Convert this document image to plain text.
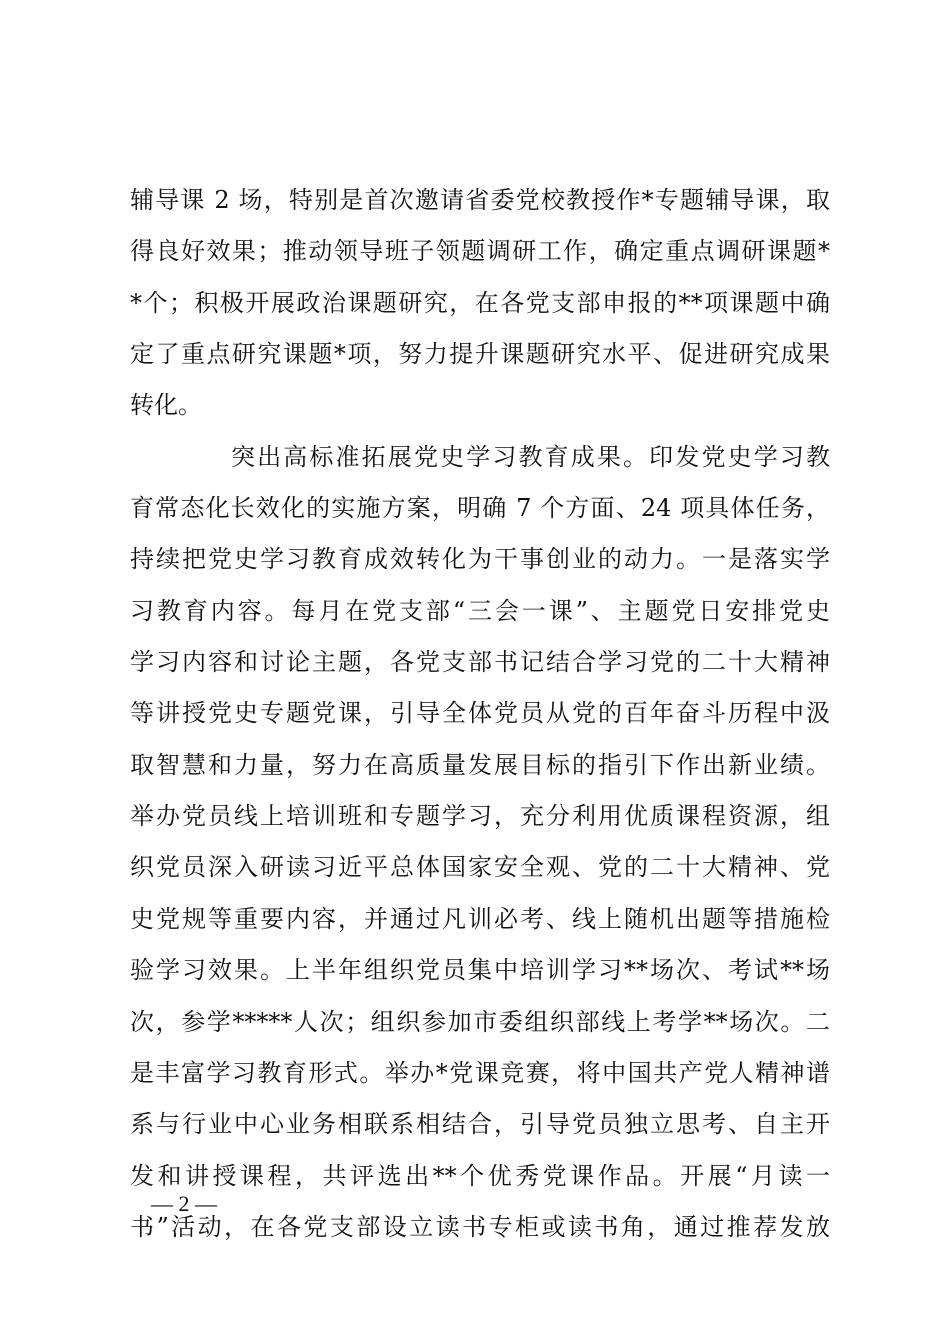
辅导课 2 场，特别是首次邀请省委党校教授作*专题辅导课，取
得良好效果；推动领导班子领题调研工作，确定重点调研课题*
*个；积极开展政治课题研究，在各党支部申报的**项课题中确
定了重点研究课题*项，努力提升课题研究水平、促进研究成果
转化。
突出高标准拓展党史学习教育成果。印发党史学习教
育常态化长效化的实施方案，明确 7 个方面、24 项具体任务，
持续把党史学习教育成效转化为干事创业的动力。一是落实学
习教育内容。每月在党支部“三会一课”、主题党日安排党史
学习内容和讨论主题，各党支部书记结合学习党的二十大精神
等讲授党史专题党课，引导全体党员从党的百年奋斗历程中汲
取智慧和力量，努力在高质量发展目标的指引下作出新业绩。
举办党员线上培训班和专题学习，充分利用优质课程资源，组
织党员深入研读习近平总体国家安全观、党的二十大精神、党
史党规等重要内容，并通过凡训必考、线上随机出题等措施检
验学习效果。上半年组织党员集中培训学习**场次、考试**场
次，参学*****人次；组织参加市委组织部线上考学**场次。二
是丰富学习教育形式。举办*党课竞赛，将中国共产党人精神谱
系与行业中心业务相联系相结合，引导党员独立思考、自主开
发和讲授课程，共评选出**个优秀党课作品。开展“月读一
书”活动，在各党支部设立读书专柜或读书角，通过推荐发放
— 2 —
